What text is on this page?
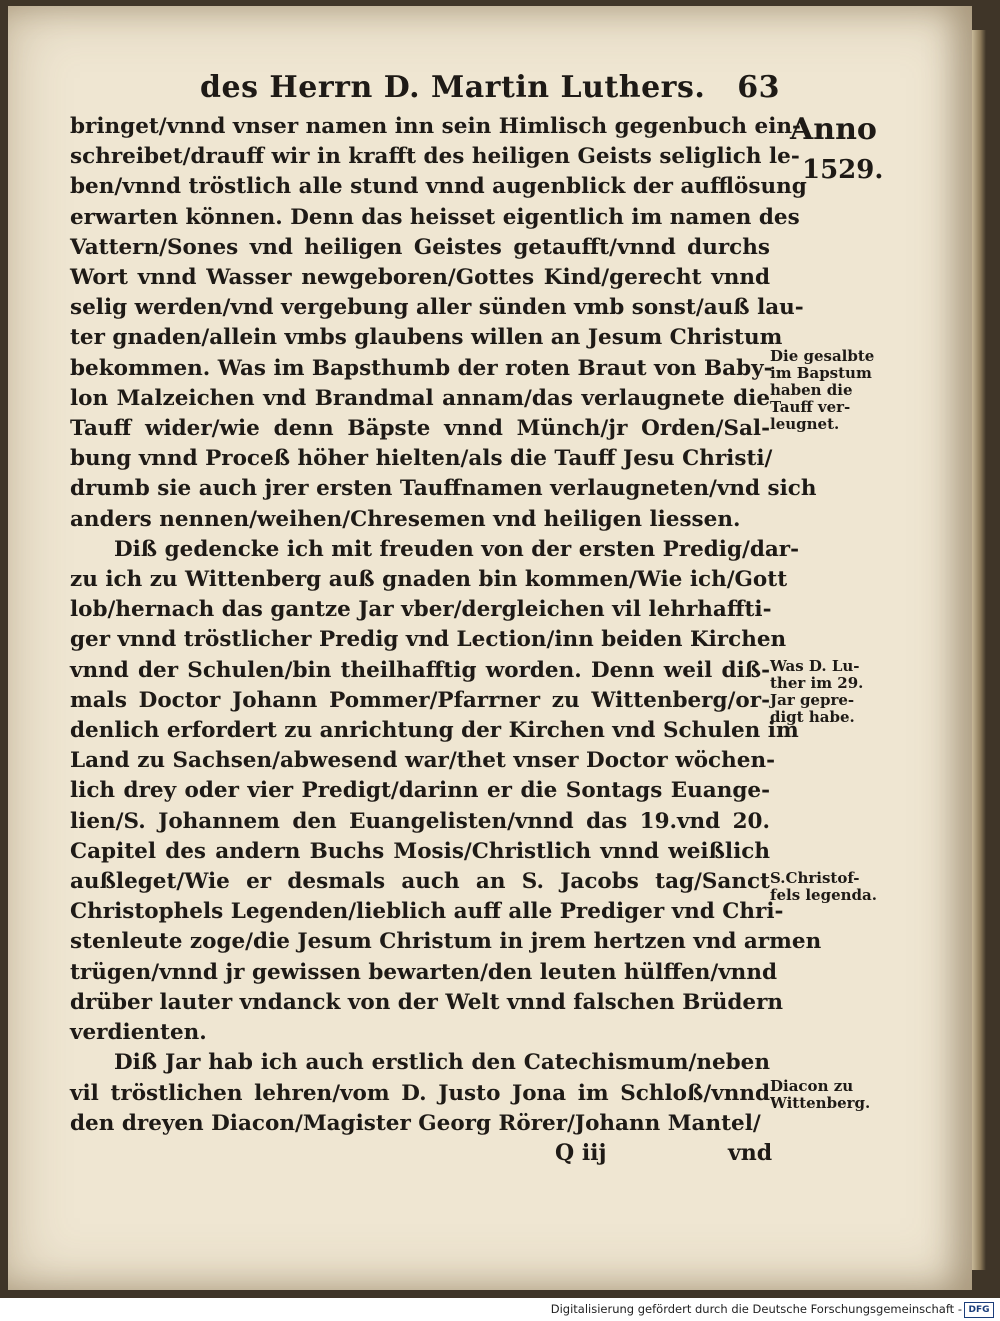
des Herrn D. Martin Luthers. 63
Anno
1529.
bringet/vnnd vnser namen inn sein Himlisch gegenbuch ein-
schreibet/drauff wir in krafft des heiligen Geists seliglich le-
ben/vnnd tröstlich alle stund vnnd augenblick der aufflösung
erwarten können. Denn das heisset eigentlich im namen des
Vattern/Sones vnd heiligen Geistes getaufft/vnnd durchs
Wort vnnd Wasser newgeboren/Gottes Kind/gerecht vnnd
selig werden/vnd vergebung aller sünden vmb sonst/auß lau-
ter gnaden/allein vmbs glaubens willen an Jesum Christum
bekommen. Was im Bapsthumb der roten Braut von Baby-
lon Malzeichen vnd Brandmal annam/das verlaugnete die
Tauff wider/wie denn Bäpste vnnd Münch/jr Orden/Sal-
bung vnnd Proceß höher hielten/als die Tauff Jesu Christi/
drumb sie auch jrer ersten Tauffnamen verlaugneten/vnd sich
anders nennen/weihen/Chresemen vnd heiligen liessen.
Diß gedencke ich mit freuden von der ersten Predig/dar-
zu ich zu Wittenberg auß gnaden bin kommen/Wie ich/Gott
lob/hernach das gantze Jar vber/dergleichen vil lehrhaffti-
ger vnnd tröstlicher Predig vnd Lection/inn beiden Kirchen
vnnd der Schulen/bin theilhafftig worden. Denn weil diß-
mals Doctor Johann Pommer/Pfarrner zu Wittenberg/or-
denlich erfordert zu anrichtung der Kirchen vnd Schulen im
Land zu Sachsen/abwesend war/thet vnser Doctor wöchen-
lich drey oder vier Predigt/darinn er die Sontags Euange-
lien/S. Johannem den Euangelisten/vnnd das 19.vnd 20.
Capitel des andern Buchs Mosis/Christlich vnnd weißlich
außleget/Wie er desmals auch an S. Jacobs tag/Sanct
Christophels Legenden/lieblich auff alle Prediger vnd Chri-
stenleute zoge/die Jesum Christum in jrem hertzen vnd armen
trügen/vnnd jr gewissen bewarten/den leuten hülffen/vnnd
drüber lauter vndanck von der Welt vnnd falschen Brüdern
verdienten.
Diß Jar hab ich auch erstlich den Catechismum/neben
vil tröstlichen lehren/vom D. Justo Jona im Schloß/vnnd
den dreyen Diacon/Magister Georg Rörer/Johann Mantel/
Die gesalbte
im Bapstum
haben die
Tauff ver-
leugnet.
Was D. Lu-
ther im 29.
Jar gepre-
digt habe.
S.Christof-
fels legenda.
Diacon zu
Wittenberg.
Q iij	vnd
Digitalisierung gefördert durch die Deutsche Forschungsgemeinschaft - DFG
